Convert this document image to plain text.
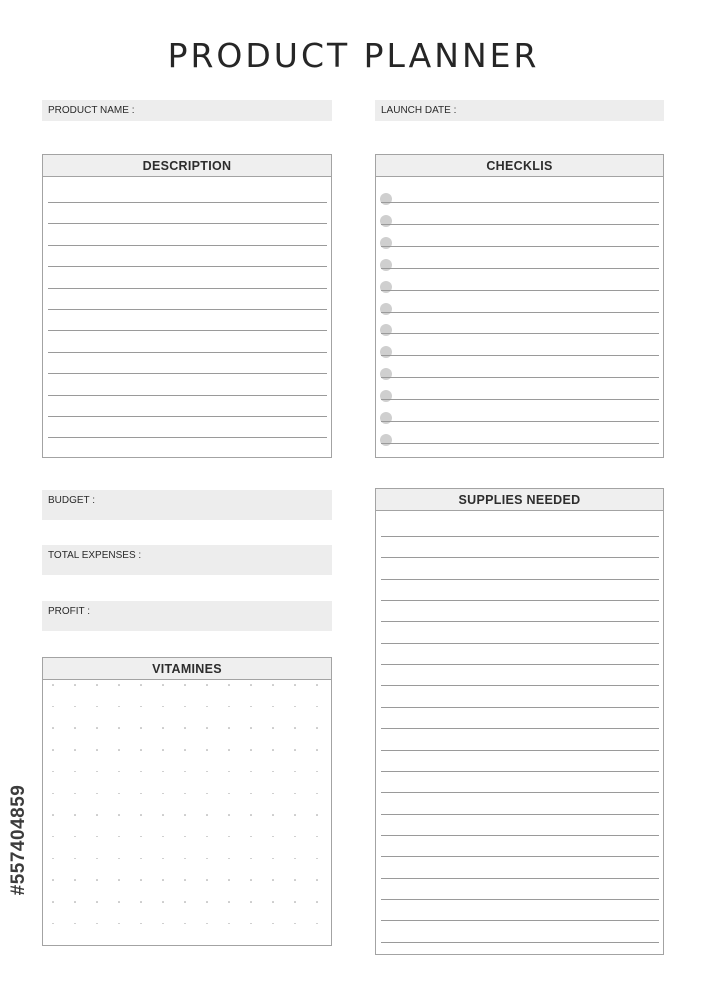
PRODUCT PLANNER
PRODUCT NAME :	LAUNCH DATE :
DESCRIPTION	CHECKLIS
BUDGET :
TOTAL EXPENSES :
PROFIT :
SUPPLIES NEEDED
VITAMINES
#557404859
